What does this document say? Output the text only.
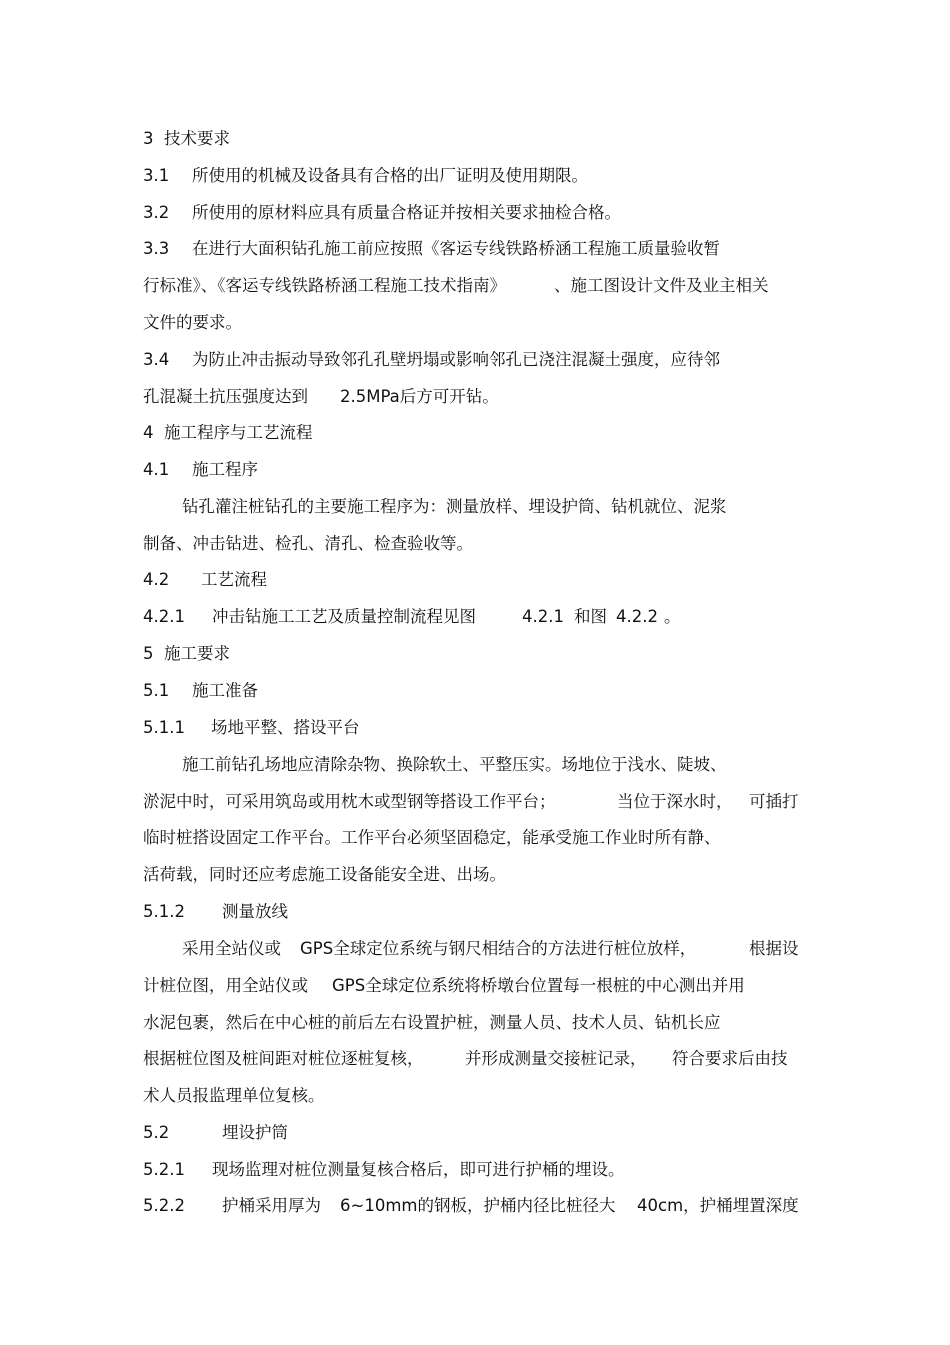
3  技术要求

3.1

所使用的机械及设备具有合格的出厂证明及使用期限。

3.2

所使用的原材料应具有质量合格证并按相关要求抽检合格。

3.3

在进行大面积钻孔施工前应按照《客运专线铁路桥涵工程施工质量验收暂

行标准》、《客运专线铁路桥涵工程施工技术指南》

	、施工图设计文件及业主相关

文件的要求。

3.4

为防止冲击振动导致邻孔孔壁坍塌或影响邻孔已浇注混凝土强度，应待邻

孔混凝土抗压强度达到

2.5MPa后方可开钻。

4  施工程序与工艺流程

4.1

施工程序

钻孔灌注桩钻孔的主要施工程序为：测量放样、埋设护筒、钻机就位、泥浆

制备、冲击钻进、检孔、清孔、检查验收等。

4.2

工艺流程

4.2.1

冲击钻施工工艺及质量控制流程见图

	4.2.1

和图

4.2.2

。

5  施工要求

5.1

施工准备

5.1.1

场地平整、搭设平台

施工前钻孔场地应清除杂物、换除软土、平整压实。场地位于浅水、陡坡、

淤泥中时，可采用筑岛或用枕木或型钢等搭设工作平台；

	当位于深水时，

可插打

临时桩搭设固定工作平台。工作平台必须坚固稳定，能承受施工作业时所有静、

活荷载，同时还应考虑施工设备能安全进、出场。

5.1.2

测量放线

采用全站仪或

GPS全球定位系统与钢尺相结合的方法进行桩位放样，

	根据设

计桩位图，用全站仪或

GPS全球定位系统将桥墩台位置每一根桩的中心测出并用

水泥包裹，然后在中心桩的前后左右设置护桩，测量人员、技术人员、钻机长应

根据桩位图及桩间距对桩位逐桩复核，

	并形成测量交接桩记录，

符合要求后由技

术人员报监理单位复核。

5.2

	埋设护筒

5.2.1

现场监理对桩位测量复核合格后，即可进行护桶的埋设。

5.2.2

护桶采用厚为

6~10mm的钢板，护桶内径比桩径大

40cm，护桶埋置深度
